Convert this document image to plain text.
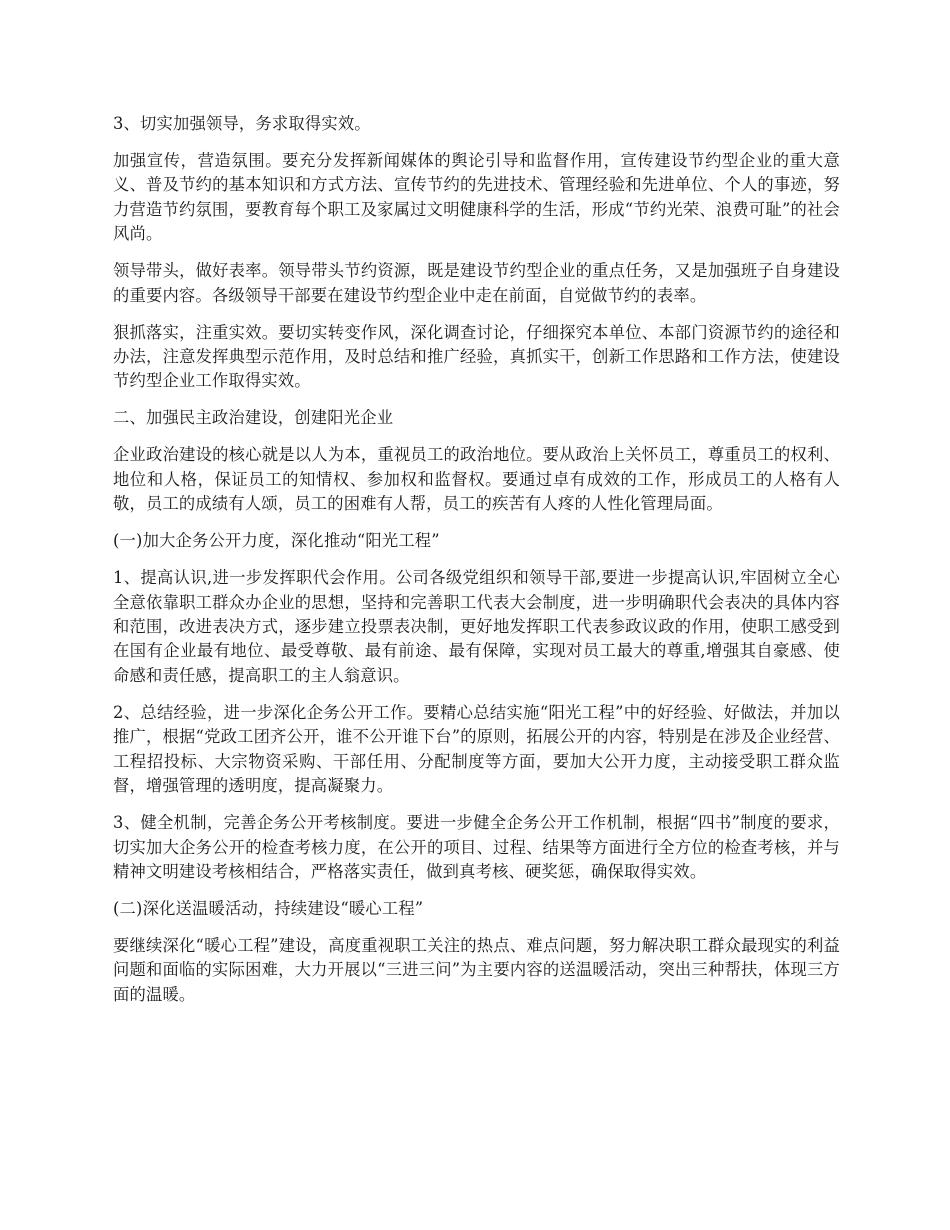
3、切实加强领导，务求取得实效。

加强宣传，营造氛围。要充分发挥新闻媒体的舆论引导和监督作用，宣传建设节约型企业的重大意义、普及节约的基本知识和方式方法、宣传节约的先进技术、管理经验和先进单位、个人的事迹，努力营造节约氛围，要教育每个职工及家属过文明健康科学的生活，形成“节约光荣、浪费可耻”的社会风尚。

领导带头，做好表率。领导带头节约资源，既是建设节约型企业的重点任务，又是加强班子自身建设的重要内容。各级领导干部要在建设节约型企业中走在前面，自觉做节约的表率。

狠抓落实，注重实效。要切实转变作风，深化调查讨论，仔细探究本单位、本部门资源节约的途径和办法，注意发挥典型示范作用，及时总结和推广经验，真抓实干，创新工作思路和工作方法，使建设节约型企业工作取得实效。

二、加强民主政治建设，创建阳光企业

企业政治建设的核心就是以人为本，重视员工的政治地位。要从政治上关怀员工，尊重员工的权利、地位和人格，保证员工的知情权、参加权和监督权。要通过卓有成效的工作，形成员工的人格有人敬，员工的成绩有人颂，员工的困难有人帮，员工的疾苦有人疼的人性化管理局面。

(一)加大企务公开力度，深化推动“阳光工程”

1、提高认识,进一步发挥职代会作用。公司各级党组织和领导干部,要进一步提高认识,牢固树立全心全意依靠职工群众办企业的思想，坚持和完善职工代表大会制度，进一步明确职代会表决的具体内容和范围，改进表决方式，逐步建立投票表决制，更好地发挥职工代表参政议政的作用，使职工感受到在国有企业最有地位、最受尊敬、最有前途、最有保障，实现对员工最大的尊重,增强其自豪感、使命感和责任感，提高职工的主人翁意识。

2、总结经验，进一步深化企务公开工作。要精心总结实施“阳光工程”中的好经验、好做法，并加以推广，根据“党政工团齐公开，谁不公开谁下台”的原则，拓展公开的内容，特别是在涉及企业经营、工程招投标、大宗物资采购、干部任用、分配制度等方面，要加大公开力度，主动接受职工群众监督，增强管理的透明度，提高凝聚力。

3、健全机制，完善企务公开考核制度。要进一步健全企务公开工作机制，根据“四书”制度的要求，切实加大企务公开的检查考核力度，在公开的项目、过程、结果等方面进行全方位的检查考核，并与精神文明建设考核相结合，严格落实责任，做到真考核、硬奖惩，确保取得实效。

(二)深化送温暖活动，持续建设“暖心工程”

要继续深化“暖心工程”建设，高度重视职工关注的热点、难点问题，努力解决职工群众最现实的利益问题和面临的实际困难，大力开展以“三进三问”为主要内容的送温暖活动，突出三种帮扶，体现三方面的温暖。
